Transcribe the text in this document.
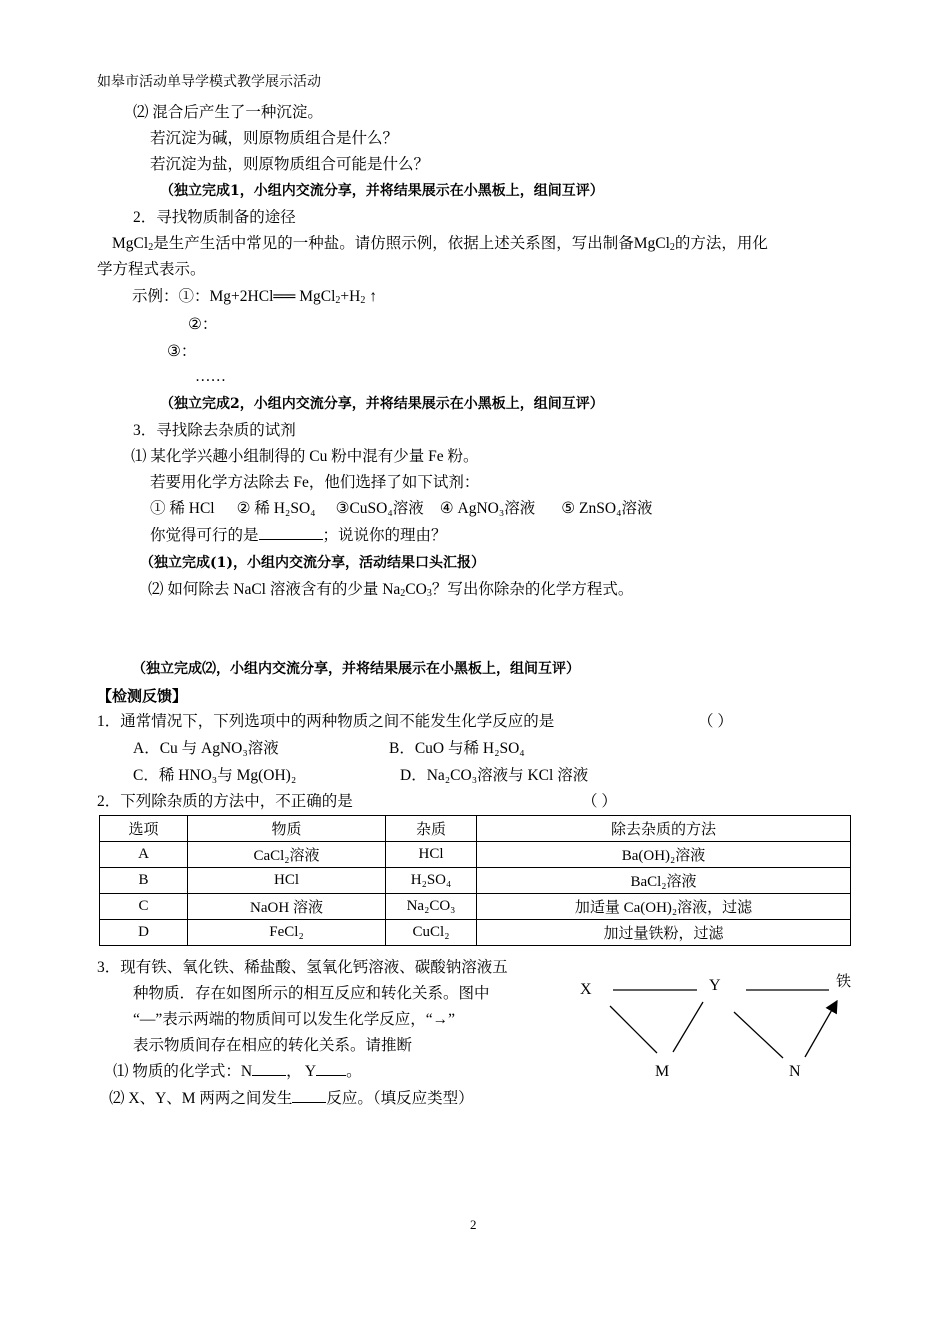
如皋市活动单导学模式教学展示活动
⑵ 混合后产生了一种沉淀。
若沉淀为碱，则原物质组合是什么？
若沉淀为盐，则原物质组合可能是什么？
（独立完成1，小组内交流分享，并将结果展示在小黑板上，组间互评）
2．寻找物质制备的途径
MgCl$_2$是生产生活中常见的一种盐。请仿照示例，依据上述关系图，写出制备MgCl$_2$的方法，用化
学方程式表示。
示例：①：Mg+2HCl══ $MgCl_2+H_2$ ↑
②：
③：
……
（独立完成2，小组内交流分享，并将结果展示在小黑板上，组间互评）
3．寻找除去杂质的试剂
⑴ 某化学兴趣小组制得的 Cu 粉中混有少量 Fe 粉。
若要用化学方法除去 Fe，他们选择了如下试剂：
① 稀 HCl ② 稀 H₂SO₄ ③CuSO₄溶液 ④ AgNO₃溶液 ⑤ ZnSO₄溶液
你觉得可行的是	；说说你的理由？
（独立完成(1)，小组内交流分享，活动结果口头汇报）
⑵ 如何除去 NaCl 溶液含有的少量 $Na_2CO_3$？写出你除杂的化学方程式。
（独立完成⑵，小组内交流分享，并将结果展示在小黑板上，组间互评）
【检测反馈】
1．通常情况下，下列选项中的两种物质之间不能发生化学反应的是	（ ）
A．Cu 与 AgNO₃溶液	B．CuO 与稀 H₂SO₄
C．稀 HNO₃与 Mg(OH)₂	D．Na₂CO₃溶液与 KCl 溶液
2．下列除杂质的方法中，不正确的是	（ ）
选项	物质	杂质	除去杂质的方法
A	CaCl₂溶液	HCl	Ba(OH)₂溶液
B	HCl	H₂SO₄	BaCl₂溶液
C	NaOH 溶液	Na₂CO₃	加适量 Ca(OH)₂溶液，过滤
D	FeCl₂	CuCl₂	加过量铁粉，过滤
3．现有铁、氧化铁、稀盐酸、氢氧化钙溶液、碳酸钠溶液五
种物质．存在如图所示的相互反应和转化关系。图中
“—”表示两端的物质间可以发生化学反应，“→”
表示物质间存在相应的转化关系。请推断
⑴ 物质的化学式：N ， Y 。
⑵ X、Y、M 两两之间发生 反应。（填反应类型）
X	Y	铁
M	N
2
